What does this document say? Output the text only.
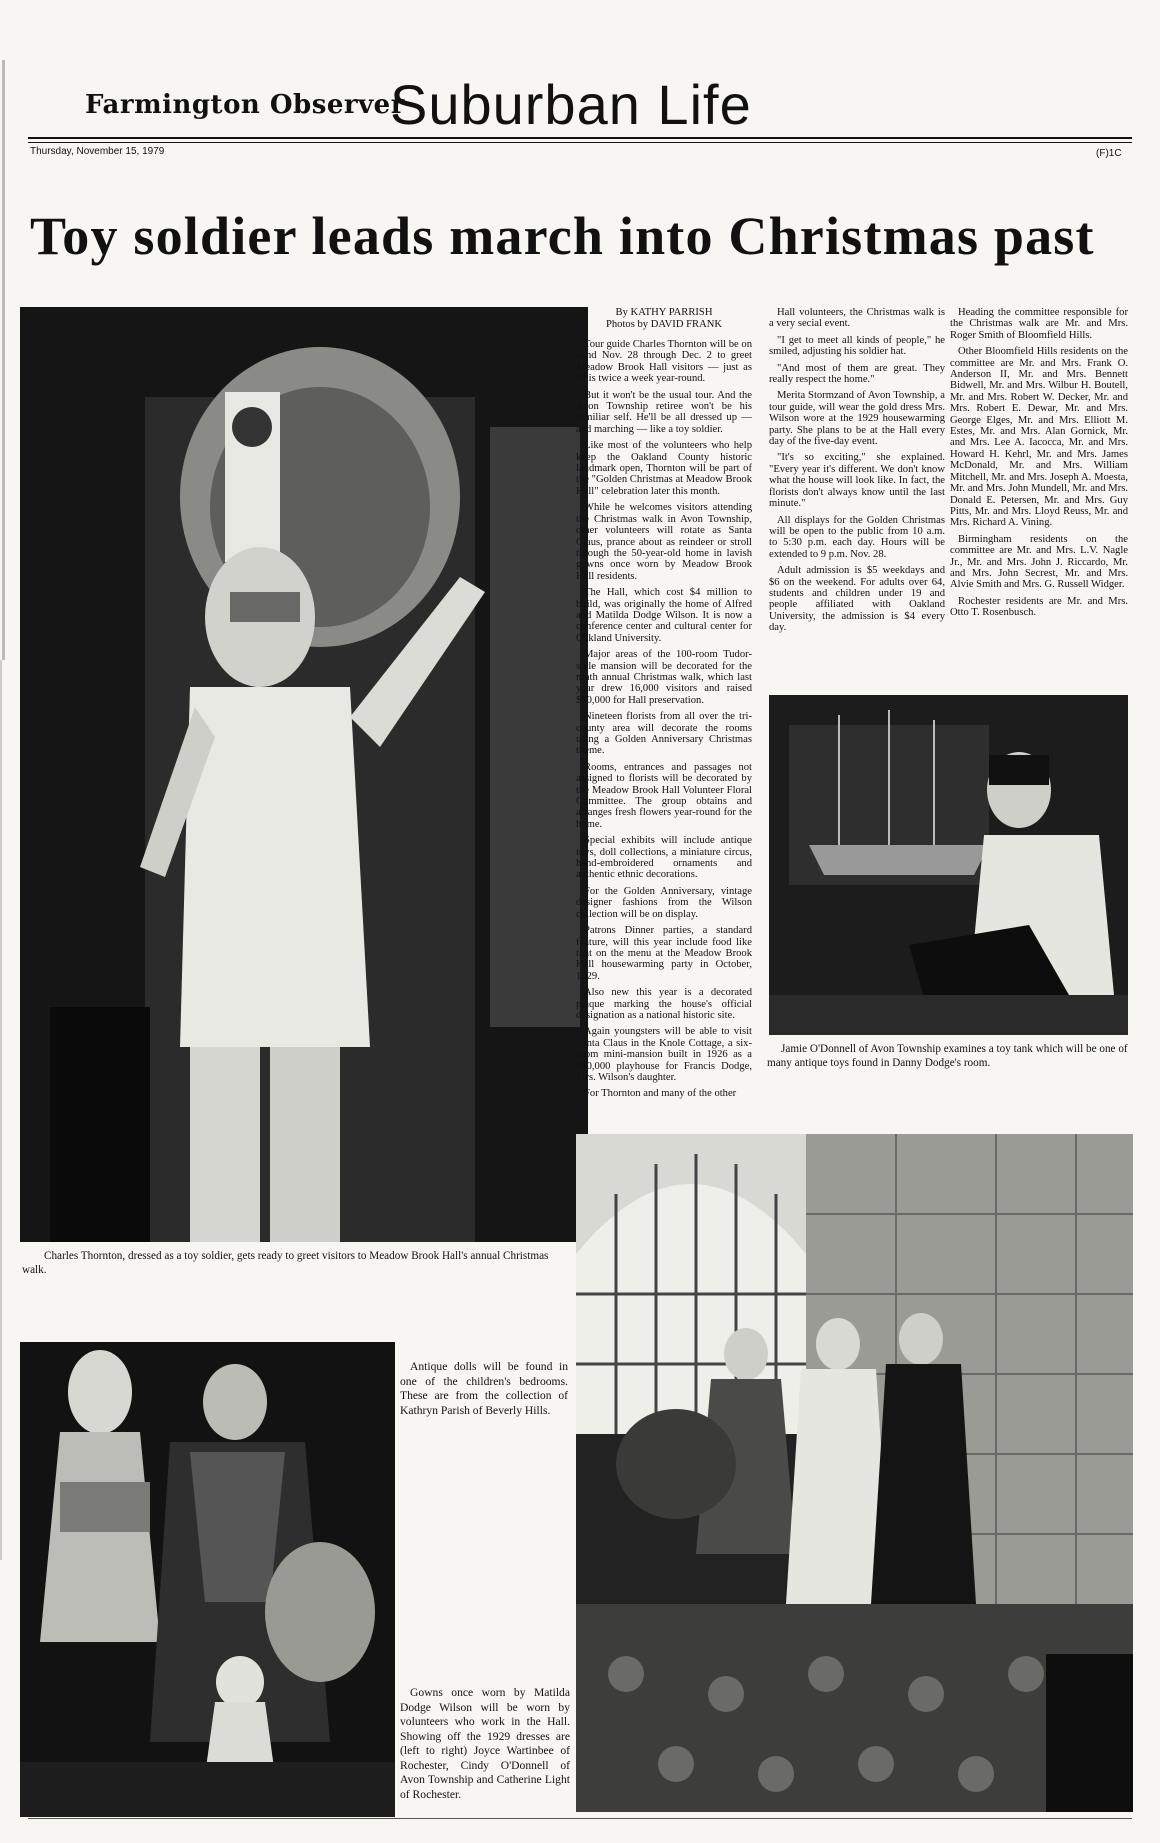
Farmington Observer
Suburban Life
Thursday, November 15, 1979	(F)1C
Toy soldier leads march into Christmas past
Charles Thornton, dressed as a toy soldier, gets ready to greet visitors to Meadow Brook Hall's annual Christmas walk.
By KATHY PARRISH
Photos by DAVID FRANK

Tour guide Charles Thornton will be on hand Nov. 28 through Dec. 2 to greet Meadow Brook Hall visitors — just as he is twice a week year-round.

But it won't be the usual tour. And the Avon Township retiree won't be his familiar self. He'll be all dressed up — and marching — like a toy soldier.

Like most of the volunteers who help keep the Oakland County historic landmark open, Thornton will be part of the "Golden Christmas at Meadow Brook Hall" celebration later this month.

While he welcomes visitors attending the Christmas walk in Avon Township, other volunteers will rotate as Santa Claus, prance about as reindeer or stroll through the 50-year-old home in lavish gowns once worn by Meadow Brook Hall residents.

The Hall, which cost $4 million to build, was originally the home of Alfred and Matilda Dodge Wilson. It is now a conference center and cultural center for Oakland University.

Major areas of the 100-room Tudor-style mansion will be decorated for the ninth annual Christmas walk, which last year drew 16,000 visitors and raised $50,000 for Hall preservation.

Nineteen florists from all over the tri-county area will decorate the rooms using a Golden Anniversary Christmas theme.

Rooms, entrances and passages not assigned to florists will be decorated by the Meadow Brook Hall Volunteer Floral Committee. The group obtains and arranges fresh flowers year-round for the home.

Special exhibits will include antique toys, doll collections, a miniature circus, hand-embroidered ornaments and authentic ethnic decorations.

For the Golden Anniversary, vintage designer fashions from the Wilson collection will be on display.

Patrons Dinner parties, a standard feature, will this year include food like that on the menu at the Meadow Brook Hall housewarming party in October, 1929.

Also new this year is a decorated plaque marking the house's official designation as a national historic site.

Again youngsters will be able to visit Santa Claus in the Knole Cottage, a six-room mini-mansion built in 1926 as a $10,000 playhouse for Francis Dodge, Mrs. Wilson's daughter.

For Thornton and many of the other

Hall volunteers, the Christmas walk is a very secial event.

"I get to meet all kinds of people," he smiled, adjusting his soldier hat.

"And most of them are great. They really respect the home."

Merita Stormzand of Avon Township, a tour guide, will wear the gold dress Mrs. Wilson wore at the 1929 housewarming party. She plans to be at the Hall every day of the five-day event.

"It's so exciting," she explained. "Every year it's different. We don't know what the house will look like. In fact, the florists don't always know until the last minute."

All displays for the Golden Christmas will be open to the public from 10 a.m. to 5:30 p.m. each day. Hours will be extended to 9 p.m. Nov. 28.

Adult admission is $5 weekdays and $6 on the weekend. For adults over 64, students and children under 19 and people affiliated with Oakland University, the admission is $4 every day.

Heading the committee responsible for the Christmas walk are Mr. and Mrs. Roger Smith of Bloomfield Hills.

Other Bloomfield Hills residents on the committee are Mr. and Mrs. Frank O. Anderson II, Mr. and Mrs. Bennett Bidwell, Mr. and Mrs. Wilbur H. Boutell, Mr. and Mrs. Robert W. Decker, Mr. and Mrs. Robert E. Dewar, Mr. and Mrs. George Elges, Mr. and Mrs. Elliott M. Estes, Mr. and Mrs. Alan Gornick, Mr. and Mrs. Lee A. Iacocca, Mr. and Mrs. Howard H. Kehrl, Mr. and Mrs. James McDonald, Mr. and Mrs. William Mitchell, Mr. and Mrs. Joseph A. Moesta, Mr. and Mrs. John Mundell, Mr. and Mrs. Donald E. Petersen, Mr. and Mrs. Guy Pitts, Mr. and Mrs. Lloyd Reuss, Mr. and Mrs. Richard A. Vining.

Birmingham residents on the committee are Mr. and Mrs. L.V. Nagle Jr., Mr. and Mrs. John J. Riccardo, Mr. and Mrs. John Secrest, Mr. and Mrs. Alvie Smith and Mrs. G. Russell Widger.

Rochester residents are Mr. and Mrs. Otto T. Rosenbusch.

Jamie O'Donnell of Avon Township examines a toy tank which will be one of many antique toys found in Danny Dodge's room.
Antique dolls will be found in one of the children's bedrooms. These are from the collection of Kathryn Parish of Beverly Hills.
Gowns once worn by Matilda Dodge Wilson will be worn by volunteers who work in the Hall. Showing off the 1929 dresses are (left to right) Joyce Wartinbee of Rochester, Cindy O'Donnell of Avon Township and Catherine Light of Rochester.
